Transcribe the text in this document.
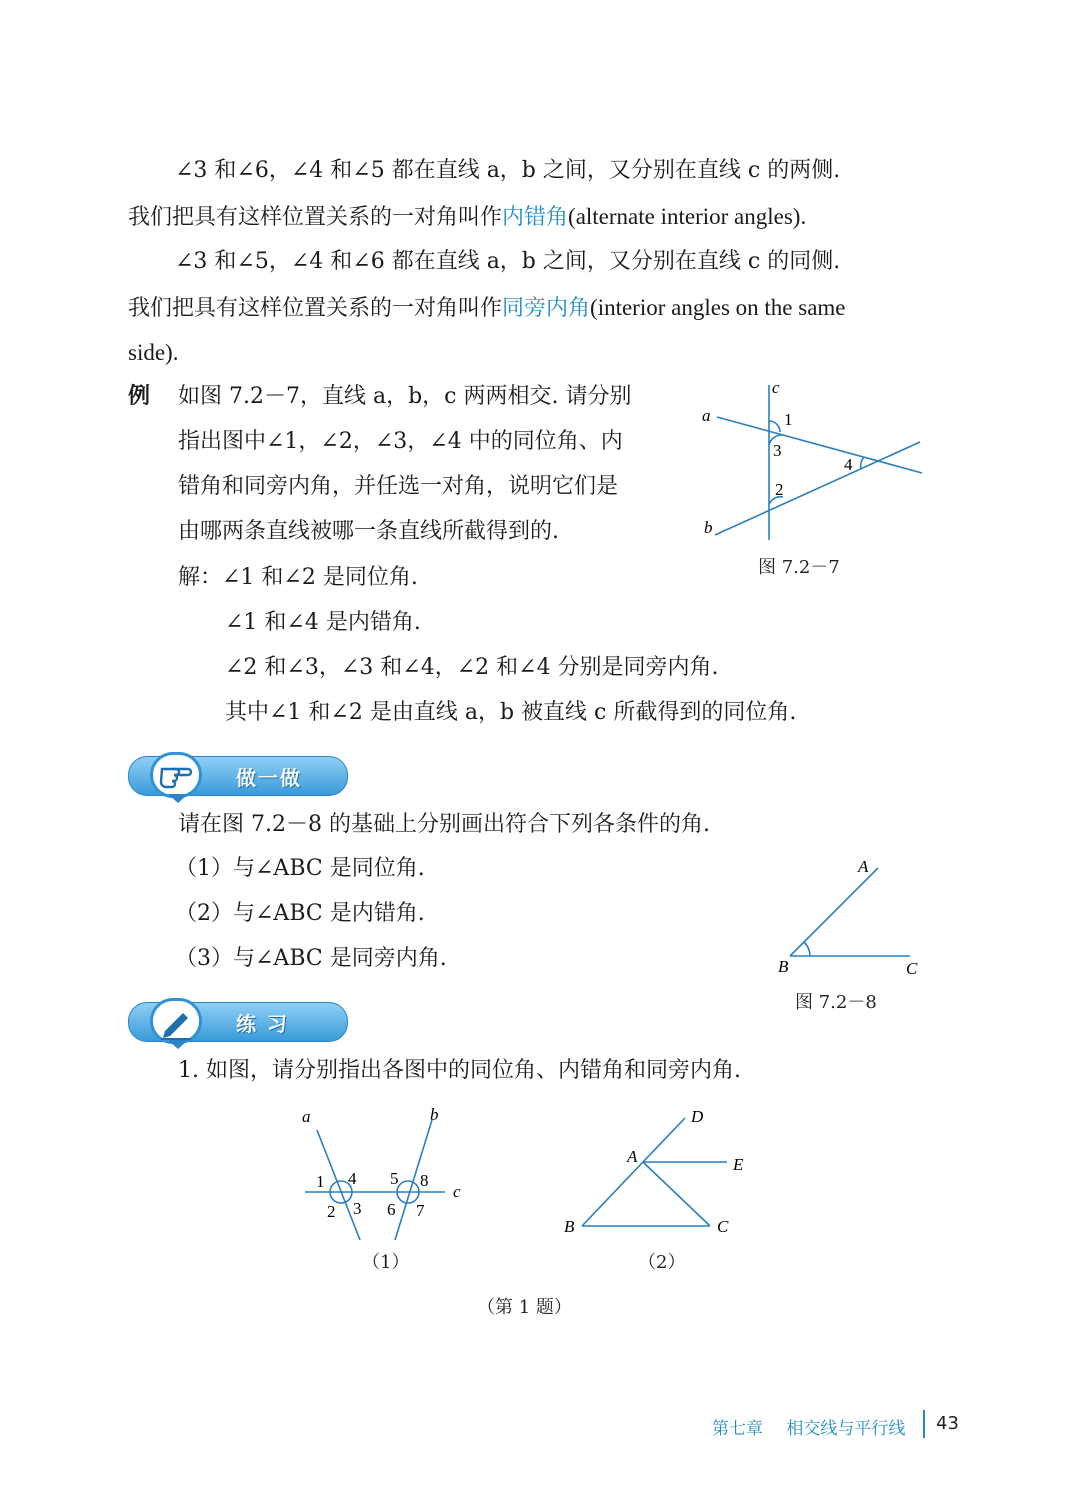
∠3 和∠6，∠4 和∠5 都在直线 a，b 之间，又分别在直线 c 的两侧.
我们把具有这样位置关系的一对角叫作内错角(alternate interior angles).
∠3 和∠5，∠4 和∠6 都在直线 a，b 之间，又分别在直线 c 的同侧.
我们把具有这样位置关系的一对角叫作同旁内角(interior angles on the same
side).
例 如图 7.2－7，直线 a，b，c 两两相交. 请分别
指出图中∠1，∠2，∠3，∠4 中的同位角、内
错角和同旁内角，并任选一对角，说明它们是
由哪两条直线被哪一条直线所截得到的.
解：∠1 和∠2 是同位角.
∠1 和∠4 是内错角.
∠2 和∠3，∠3 和∠4，∠2 和∠4 分别是同旁内角.
其中∠1 和∠2 是由直线 a，b 被直线 c 所截得到的同位角.
c
a
b
1
3
2
4
图 7.2－7
做一做
请在图 7.2－8 的基础上分别画出符合下列各条件的角.
（1）与∠ABC 是同位角.
（2）与∠ABC 是内错角.
（3）与∠ABC 是同旁内角.
A
B	C
图 7.2－8
练 习
1. 如图，请分别指出各图中的同位角、内错角和同旁内角.
a	b
c
1 4
2 3
5 8
6 7
（1）
A
B	C
D
E
（2）
（第 1 题）
第七章 相交线与平行线 43
